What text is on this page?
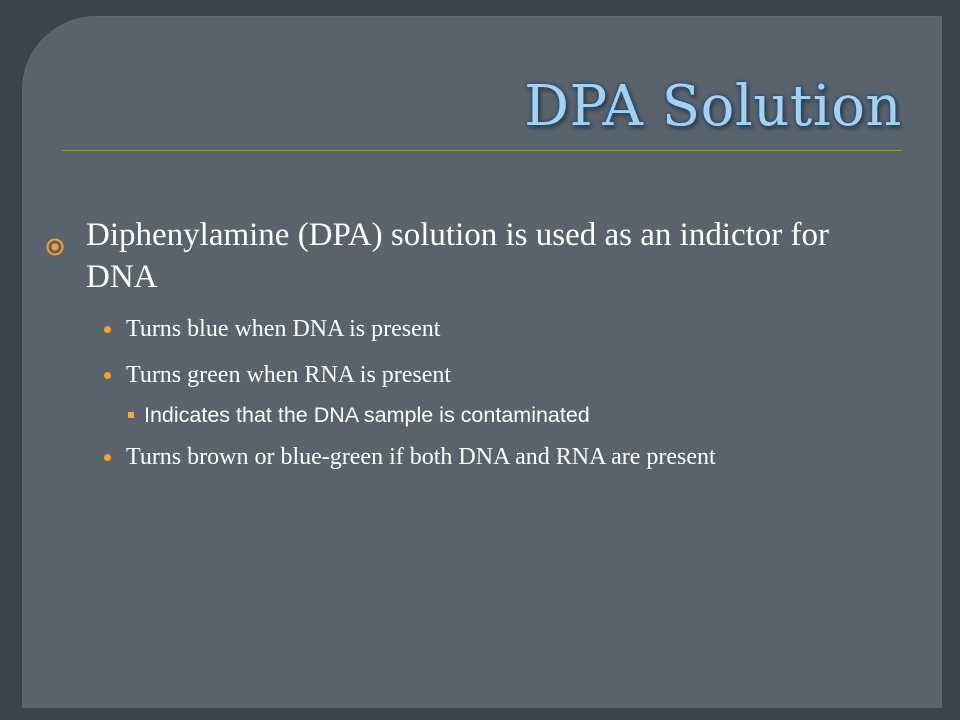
DPA Solution
Diphenylamine (DPA) solution is used as an indictor for DNA
Turns blue when DNA is present
Turns green when RNA is present
Indicates that the DNA sample is contaminated
Turns brown or blue-green if both DNA and RNA are present
